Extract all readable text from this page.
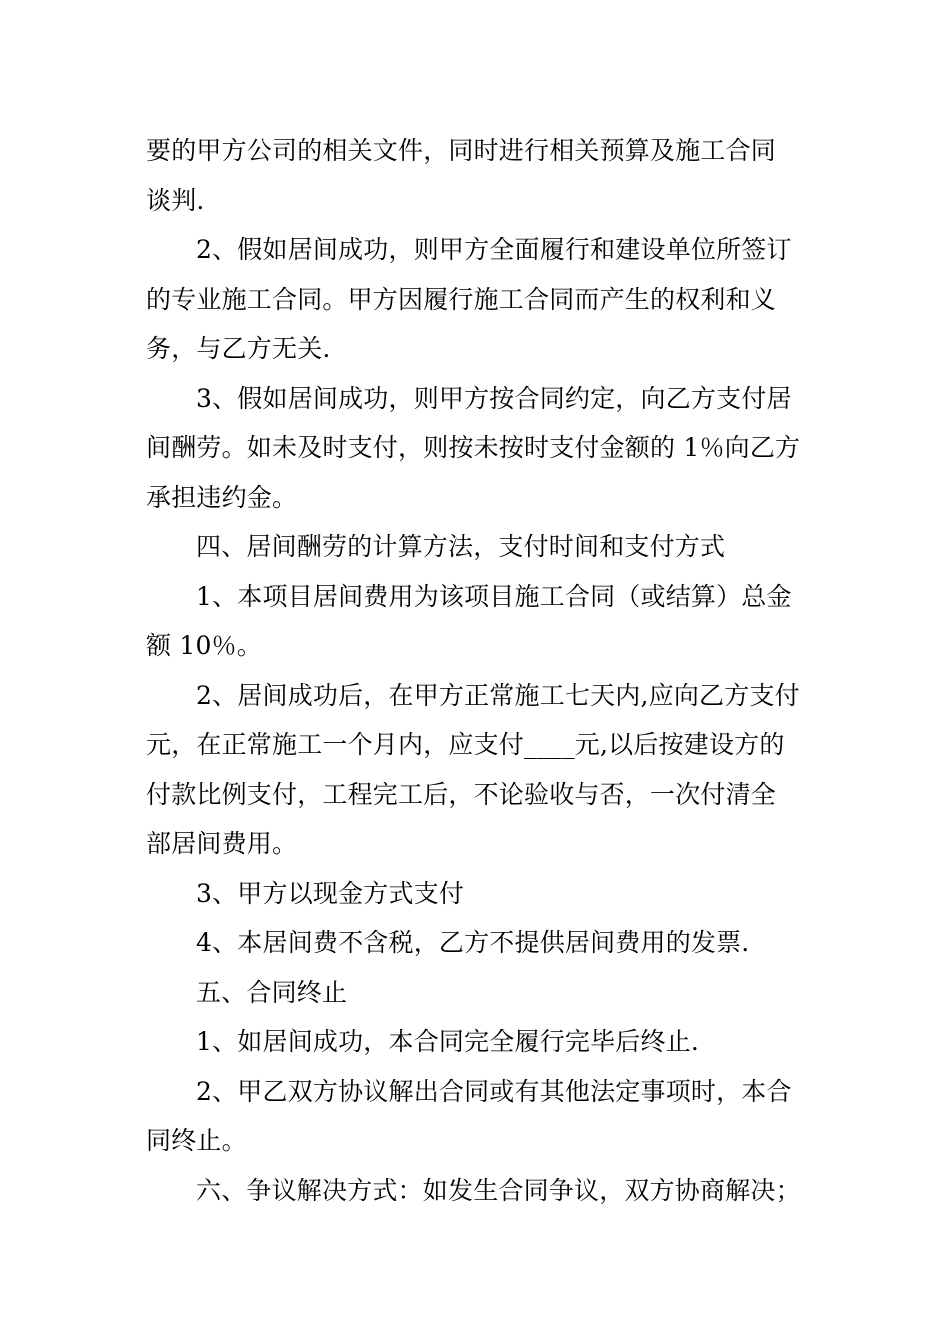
要的甲方公司的相关文件，同时进行相关预算及施工合同
谈判.

2、假如居间成功，则甲方全面履行和建设单位所签订
的专业施工合同。甲方因履行施工合同而产生的权利和义
务，与乙方无关.

3、假如居间成功，则甲方按合同约定，向乙方支付居
间酬劳。如未及时支付，则按未按时支付金额的 1％向乙方
承担违约金。

四、居间酬劳的计算方法，支付时间和支付方式

1、本项目居间费用为该项目施工合同（或结算）总金
额 10％。

2、居间成功后，在甲方正常施工七天内,应向乙方支付
元，在正常施工一个月内，应支付____元,以后按建设方的
付款比例支付，工程完工后，不论验收与否，一次付清全
部居间费用。

3、甲方以现金方式支付

4、本居间费不含税，乙方不提供居间费用的发票.

五、合同终止

1、如居间成功，本合同完全履行完毕后终止.

2、甲乙双方协议解出合同或有其他法定事项时，本合
同终止。

六、争议解决方式：如发生合同争议，双方协商解决；
